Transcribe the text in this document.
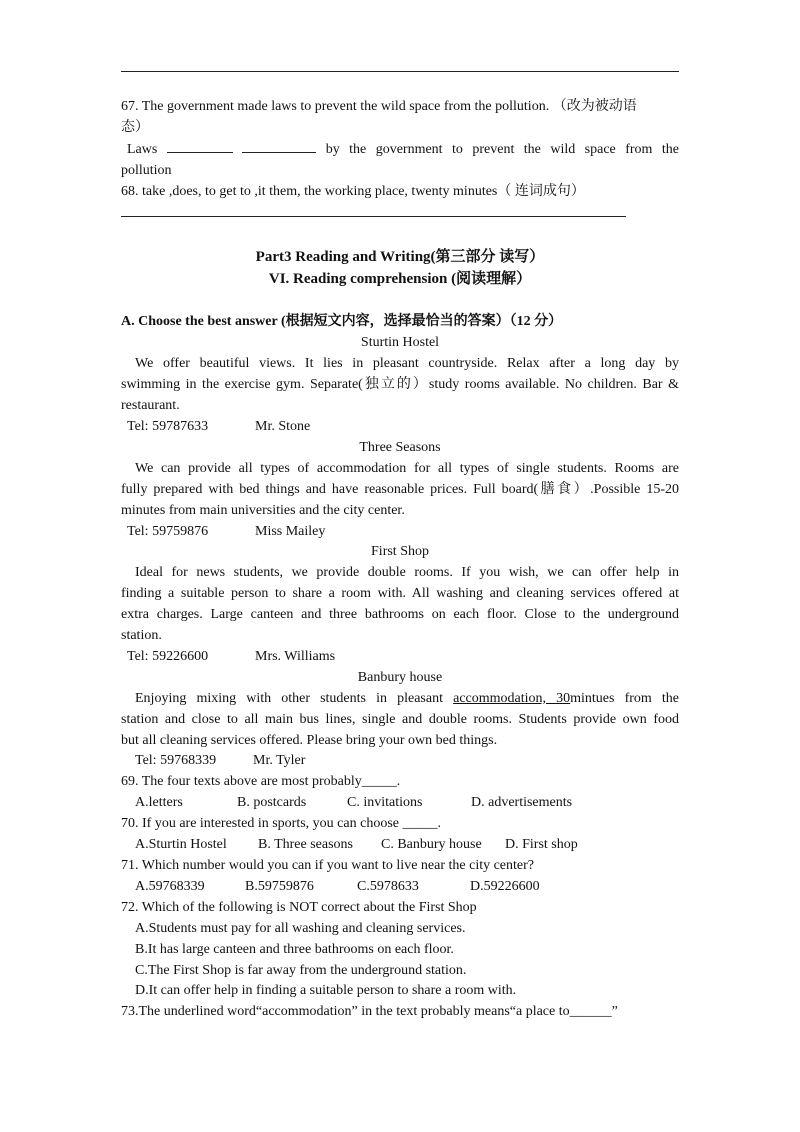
67. The government made laws to prevent the wild space from the pollution. （改为被动语
态）
Laws	by the government to prevent the wild space from the
pollution
68. take ,does, to get to ,it them, the working place, twenty minutes（ 连词成句）
Part3 Reading and Writing(第三部分 读写）
VI. Reading comprehension (阅读理解）
A. Choose the best answer (根据短文内容，选择最恰当的答案）（12 分）
Sturtin Hostel
We offer beautiful views. It lies in pleasant countryside. Relax after a long day by
swimming in the exercise gym. Separate(独立的）study rooms available. No children. Bar &
restaurant.
Tel: 59787633	Mr. Stone
Three Seasons
We can provide all types of accommodation for all types of single students. Rooms are
fully prepared with bed things and have reasonable prices. Full board(膳食）.Possible 15-20
minutes from main universities and the city center.
Tel: 59759876	Miss Mailey
First Shop
Ideal for news students, we provide double rooms. If you wish, we can offer help in
finding a suitable person to share a room with. All washing and cleaning services offered at
extra charges. Large canteen and three bathrooms on each floor. Close to the underground
station.
Tel: 59226600	Mrs. Williams
Banbury house
Enjoying mixing with other students in pleasant accommodation, 30mintues from the
station and close to all main bus lines, single and double rooms. Students provide own food
but all cleaning services offered. Please bring your own bed things.
Tel: 59768339	Mr. Tyler
69. The four texts above are most probably_____.
A.letters	B. postcards	C. invitations	D. advertisements
70. If you are interested in sports, you can choose _____.
A.Sturtin Hostel B. Three seasons C. Banbury house D. First shop
71. Which number would you can if you want to live near the city center?
A.59768339	B.59759876	C.5978633	D.59226600
72. Which of the following is NOT correct about the First Shop
A.Students must pay for all washing and cleaning services.
B.It has large canteen and three bathrooms on each floor.
C.The First Shop is far away from the underground station.
D.It can offer help in finding a suitable person to share a room with.
73.The underlined word“accommodation” in the text probably means“a place to______”
